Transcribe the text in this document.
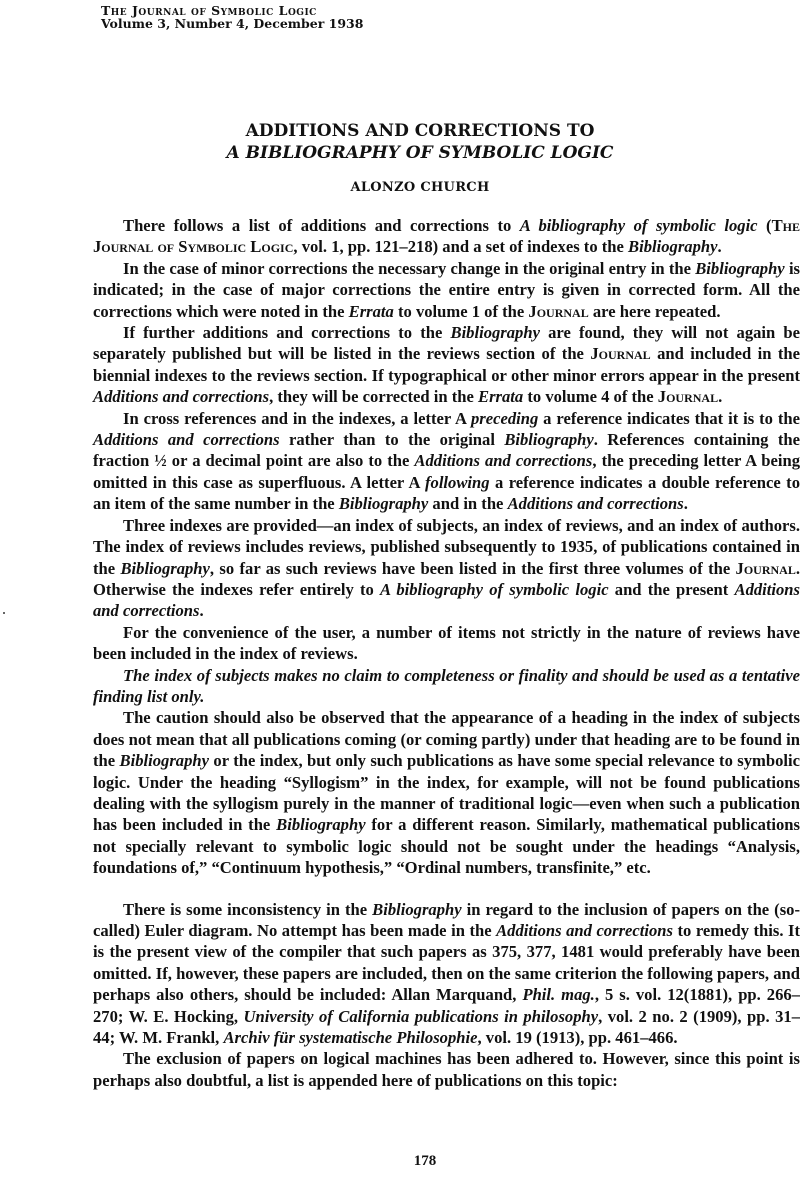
The Journal of Symbolic Logic
Volume 3, Number 4, December 1938
ADDITIONS AND CORRECTIONS TO
A BIBLIOGRAPHY OF SYMBOLIC LOGIC
ALONZO CHURCH

There follows a list of additions and corrections to A bibliography of symbolic logic (The Journal of Symbolic Logic, vol. 1, pp. 121–218) and a set of indexes to the Bibliography.

In the case of minor corrections the necessary change in the original entry in the Bibliography is indicated; in the case of major corrections the entire entry is given in corrected form. All the corrections which were noted in the Errata to volume 1 of the Journal are here repeated.

If further additions and corrections to the Bibliography are found, they will not again be separately published but will be listed in the reviews section of the Journal and included in the biennial indexes to the reviews section. If typographical or other minor errors appear in the present Additions and corrections, they will be corrected in the Errata to volume 4 of the Journal.

In cross references and in the indexes, a letter A preceding a reference indicates that it is to the Additions and corrections rather than to the original Bibliography. References containing the fraction ½ or a decimal point are also to the Additions and corrections, the preceding letter A being omitted in this case as superfluous. A letter A following a reference indicates a double reference to an item of the same number in the Bibliography and in the Additions and corrections.

Three indexes are provided—an index of subjects, an index of reviews, and an index of authors. The index of reviews includes reviews, published subsequently to 1935, of publications contained in the Bibliography, so far as such reviews have been listed in the first three volumes of the Journal. Otherwise the indexes refer entirely to A bibliography of symbolic logic and the present Additions and corrections.

For the convenience of the user, a number of items not strictly in the nature of reviews have been included in the index of reviews.

The index of subjects makes no claim to completeness or finality and should be used as a tentative finding list only.

The caution should also be observed that the appearance of a heading in the index of subjects does not mean that all publications coming (or coming partly) under that heading are to be found in the Bibliography or the index, but only such publications as have some special relevance to symbolic logic. Under the heading “Syllogism” in the index, for example, will not be found publications dealing with the syllogism purely in the manner of traditional logic—even when such a publication has been included in the Bibliography for a different reason. Similarly, mathematical publications not specially relevant to symbolic logic should not be sought under the headings “Analysis, foundations of,” “Continuum hypothesis,” “Ordinal numbers, transfinite,” etc.

There is some inconsistency in the Bibliography in regard to the inclusion of papers on the (so-called) Euler diagram. No attempt has been made in the Additions and corrections to remedy this. It is the present view of the compiler that such papers as 375, 377, 1481 would preferably have been omitted. If, however, these papers are included, then on the same criterion the following papers, and perhaps also others, should be included: Allan Marquand, Phil. mag., 5 s. vol. 12(1881), pp. 266–270; W. E. Hocking, University of California publications in philosophy, vol. 2 no. 2 (1909), pp. 31–44; W. M. Frankl, Archiv für systematische Philosophie, vol. 19 (1913), pp. 461–466.

The exclusion of papers on logical machines has been adhered to. However, since this point is perhaps also doubtful, a list is appended here of publications on this topic:

178
